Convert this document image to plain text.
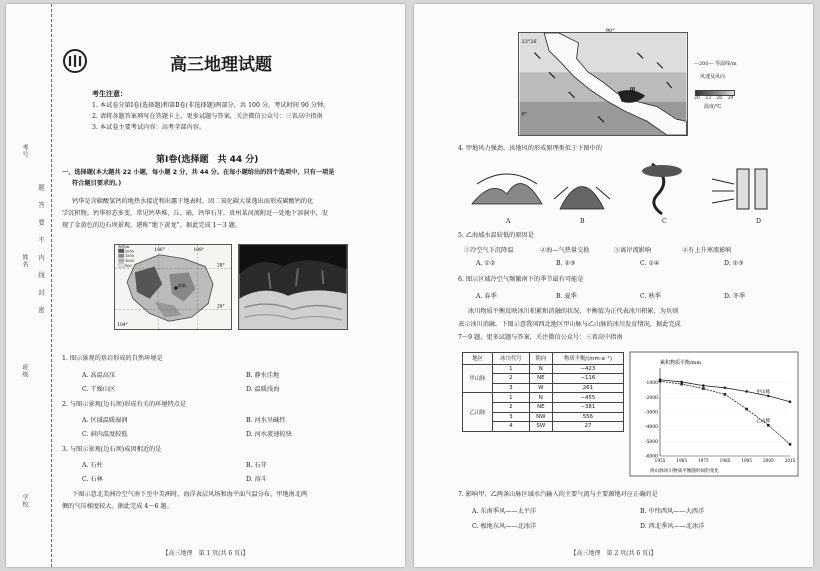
考号
姓名
班级
学校
题答要不内线封密
高三地理试题
考生注意：
1. 本试卷分第Ⅰ卷(选择题)和第Ⅱ卷(非选择题)两部分，共 100 分。考试时间 90 分钟。
2. 请将各题答案填写在答题卡上，更多试题与答案，关注微信公众号：三省高中指南
3. 本试卷主要考试内容：高考全部内容。
第Ⅰ卷(选择题　共 44 分)
一、选择题(本大题共 22 小题，每小题 2 分，共 44 分。在每小题给出的四个选项中，只有一项是
符合题目要求的。)
钙华是含碳酸氢钙的地热水接近和出露于地表时，因二氧化碳大量逸出而形成碳酸钙的化
学沉积物。钙华形态多变，常见钙华堆、丘、扇，钙华石芽。贵州某河流附近一处地下溶洞中，发
现了金黄色的边石坝景观，堪称“地下黄龙”，据此完成 1～3 题。
海拔/m
2000
1500
1000
500
106°	108°
28°
26°
104°
溶洞
1. 图示景观的基岩形成的自然环境是
A. 高温高压	B. 静水洼地
C. 干燥山区	D. 温暖浅海
2. 与图示景观(边石坝)形成有关的环境特点是
A. 区域温暖湿润	B. 河水呈碱性
C. 洞内温度较低	D. 河水流速较快
3. 与图示景观(边石坝)成因相近的是
A. 石柱	B. 石芽
C. 石林	D. 溶斗
下图示意北美洲冷空气南下至中美洲时，海洋表层风场和海平面气温分布。甲地南北两
侧的气压梯度较大。据此完成 4～6 题。
【高三地理　第 1 页(共 6 页)】
90°
23°26′
8°
甲
—200— 等温线/m
风速及风向
20 23 26 29
温度/℃
4. 甲地风力强劲，该地风的形成原理类似于下图中的
A	B	C	D
5. 乙海域水温较低的原因是
①冷空气下沉降温	②海—气热量交换	③离岸流影响	④有上升寒流影响
A. ①②	B. ②③	C. ①④	D. ②③
6. 图示区域冷空气频繁南下的季节最有可能是
A. 春季	B. 夏季	C. 秋季	D. 冬季
冰川物质平衡反映冰川积累和消融的状况，平衡值为正代表冰川积累，为负则
表示冰川消融。下图示意我国西北地区甲山脉与乙山脉的冰川发育情况，据此完成
7～9 题，更多试题与答案，关注微信公众号：三省高中指南
地区	冰川代号	朝向	物质平衡/(mm·a⁻¹)
甲山脉	1	N	−423
	2	NE	−116
	3	W	261
乙山脉	1	N	−455
	2	NE	−381
	3	NW	556
	4	SW	27
累积物质平衡/mm
-1000
-2000
-3000
-4000
-5000
-6000
1955	1965	1975	1985	1995	2005	2015
甲山脉
乙山脉
两山脉冰川物质平衡随时间的变化
7. 影响甲、乙两条山脉区域水汽输入的主要气流与主要源地对应正确的是
A. 东南季风——太平洋	B. 中纬西风——大西洋
C. 极地东风——北冰洋	D. 西北季风——北冰洋
【高三地理　第 2 页(共 6 页)】
